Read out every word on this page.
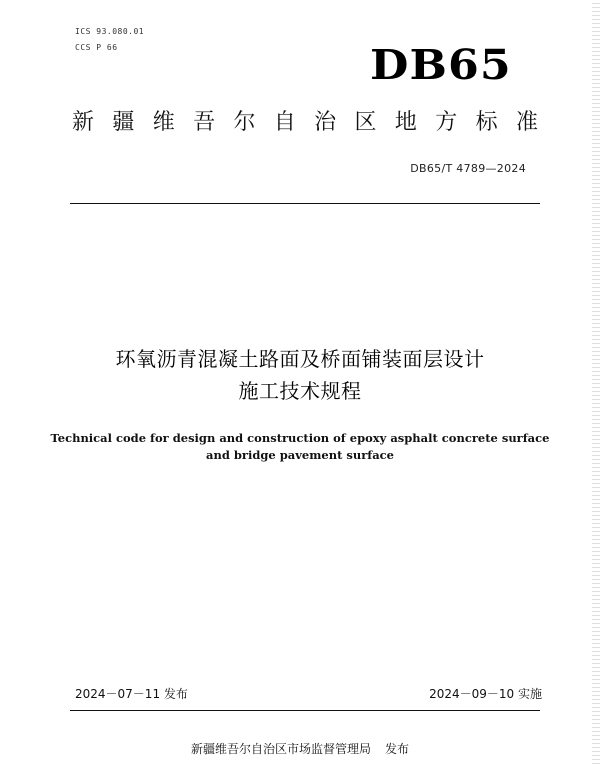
ICS 93.080.01
CCS P 66	DB65
新 疆 维 吾 尔 自 治 区 地 方 标 准
DB65/T 4789—2024
环氧沥青混凝土路面及桥面铺装面层设计
施工技术规程
Technical code for design and construction of epoxy asphalt concrete surface
and bridge pavement surface
2024－07－11 发布	2024－09－10 实施
新疆维吾尔自治区市场监督管理局 发布
